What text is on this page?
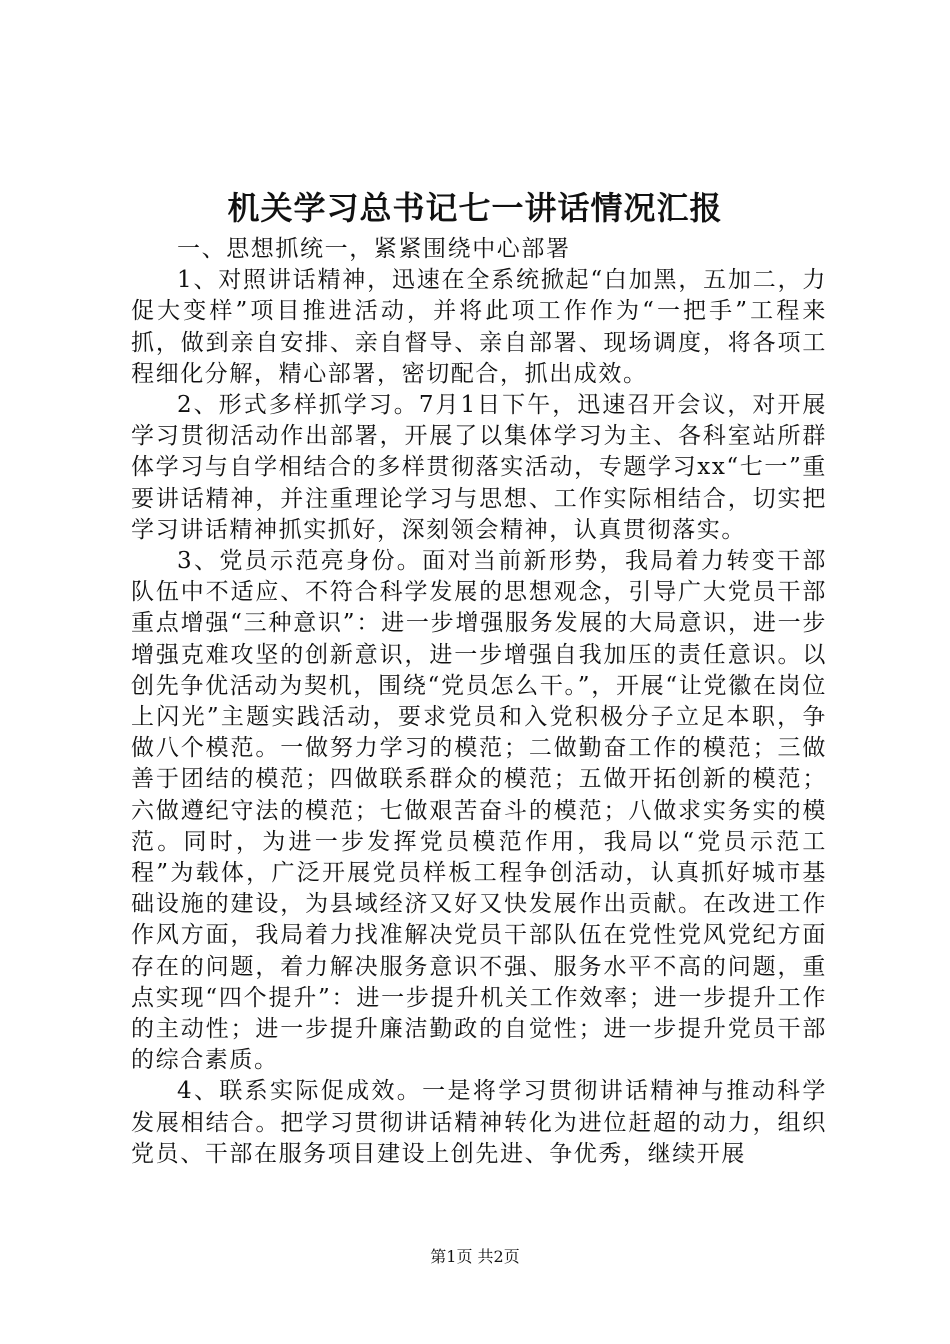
机关学习总书记七一讲话情况汇报

一、思想抓统一，紧紧围绕中心部署

1、对照讲话精神，迅速在全系统掀起“白加黑，五加二，力促大变样”项目推进活动，并将此项工作作为“一把手”工程来抓，做到亲自安排、亲自督导、亲自部署、现场调度，将各项工程细化分解，精心部署，密切配合，抓出成效。

2、形式多样抓学习。7月1日下午，迅速召开会议，对开展学习贯彻活动作出部署，开展了以集体学习为主、各科室站所群体学习与自学相结合的多样贯彻落实活动，专题学习xx“七一”重要讲话精神，并注重理论学习与思想、工作实际相结合，切实把学习讲话精神抓实抓好，深刻领会精神，认真贯彻落实。

3、党员示范亮身份。面对当前新形势，我局着力转变干部队伍中不适应、不符合科学发展的思想观念，引导广大党员干部重点增强“三种意识”：进一步增强服务发展的大局意识，进一步增强克难攻坚的创新意识，进一步增强自我加压的责任意识。以创先争优活动为契机，围绕“党员怎么干。”，开展“让党徽在岗位上闪光”主题实践活动，要求党员和入党积极分子立足本职，争做八个模范。一做努力学习的模范；二做勤奋工作的模范；三做善于团结的模范；四做联系群众的模范；五做开拓创新的模范；六做遵纪守法的模范；七做艰苦奋斗的模范；八做求实务实的模范。同时，为进一步发挥党员模范作用，我局以“党员示范工程”为载体，广泛开展党员样板工程争创活动，认真抓好城市基础设施的建设，为县域经济又好又快发展作出贡献。在改进工作作风方面，我局着力找准解决党员干部队伍在党性党风党纪方面存在的问题，着力解决服务意识不强、服务水平不高的问题，重点实现“四个提升”：进一步提升机关工作效率；进一步提升工作的主动性；进一步提升廉洁勤政的自觉性；进一步提升党员干部的综合素质。

4、联系实际促成效。一是将学习贯彻讲话精神与推动科学发展相结合。把学习贯彻讲话精神转化为进位赶超的动力，组织党员、干部在服务项目建设上创先进、争优秀，继续开展

第1页 共2页
